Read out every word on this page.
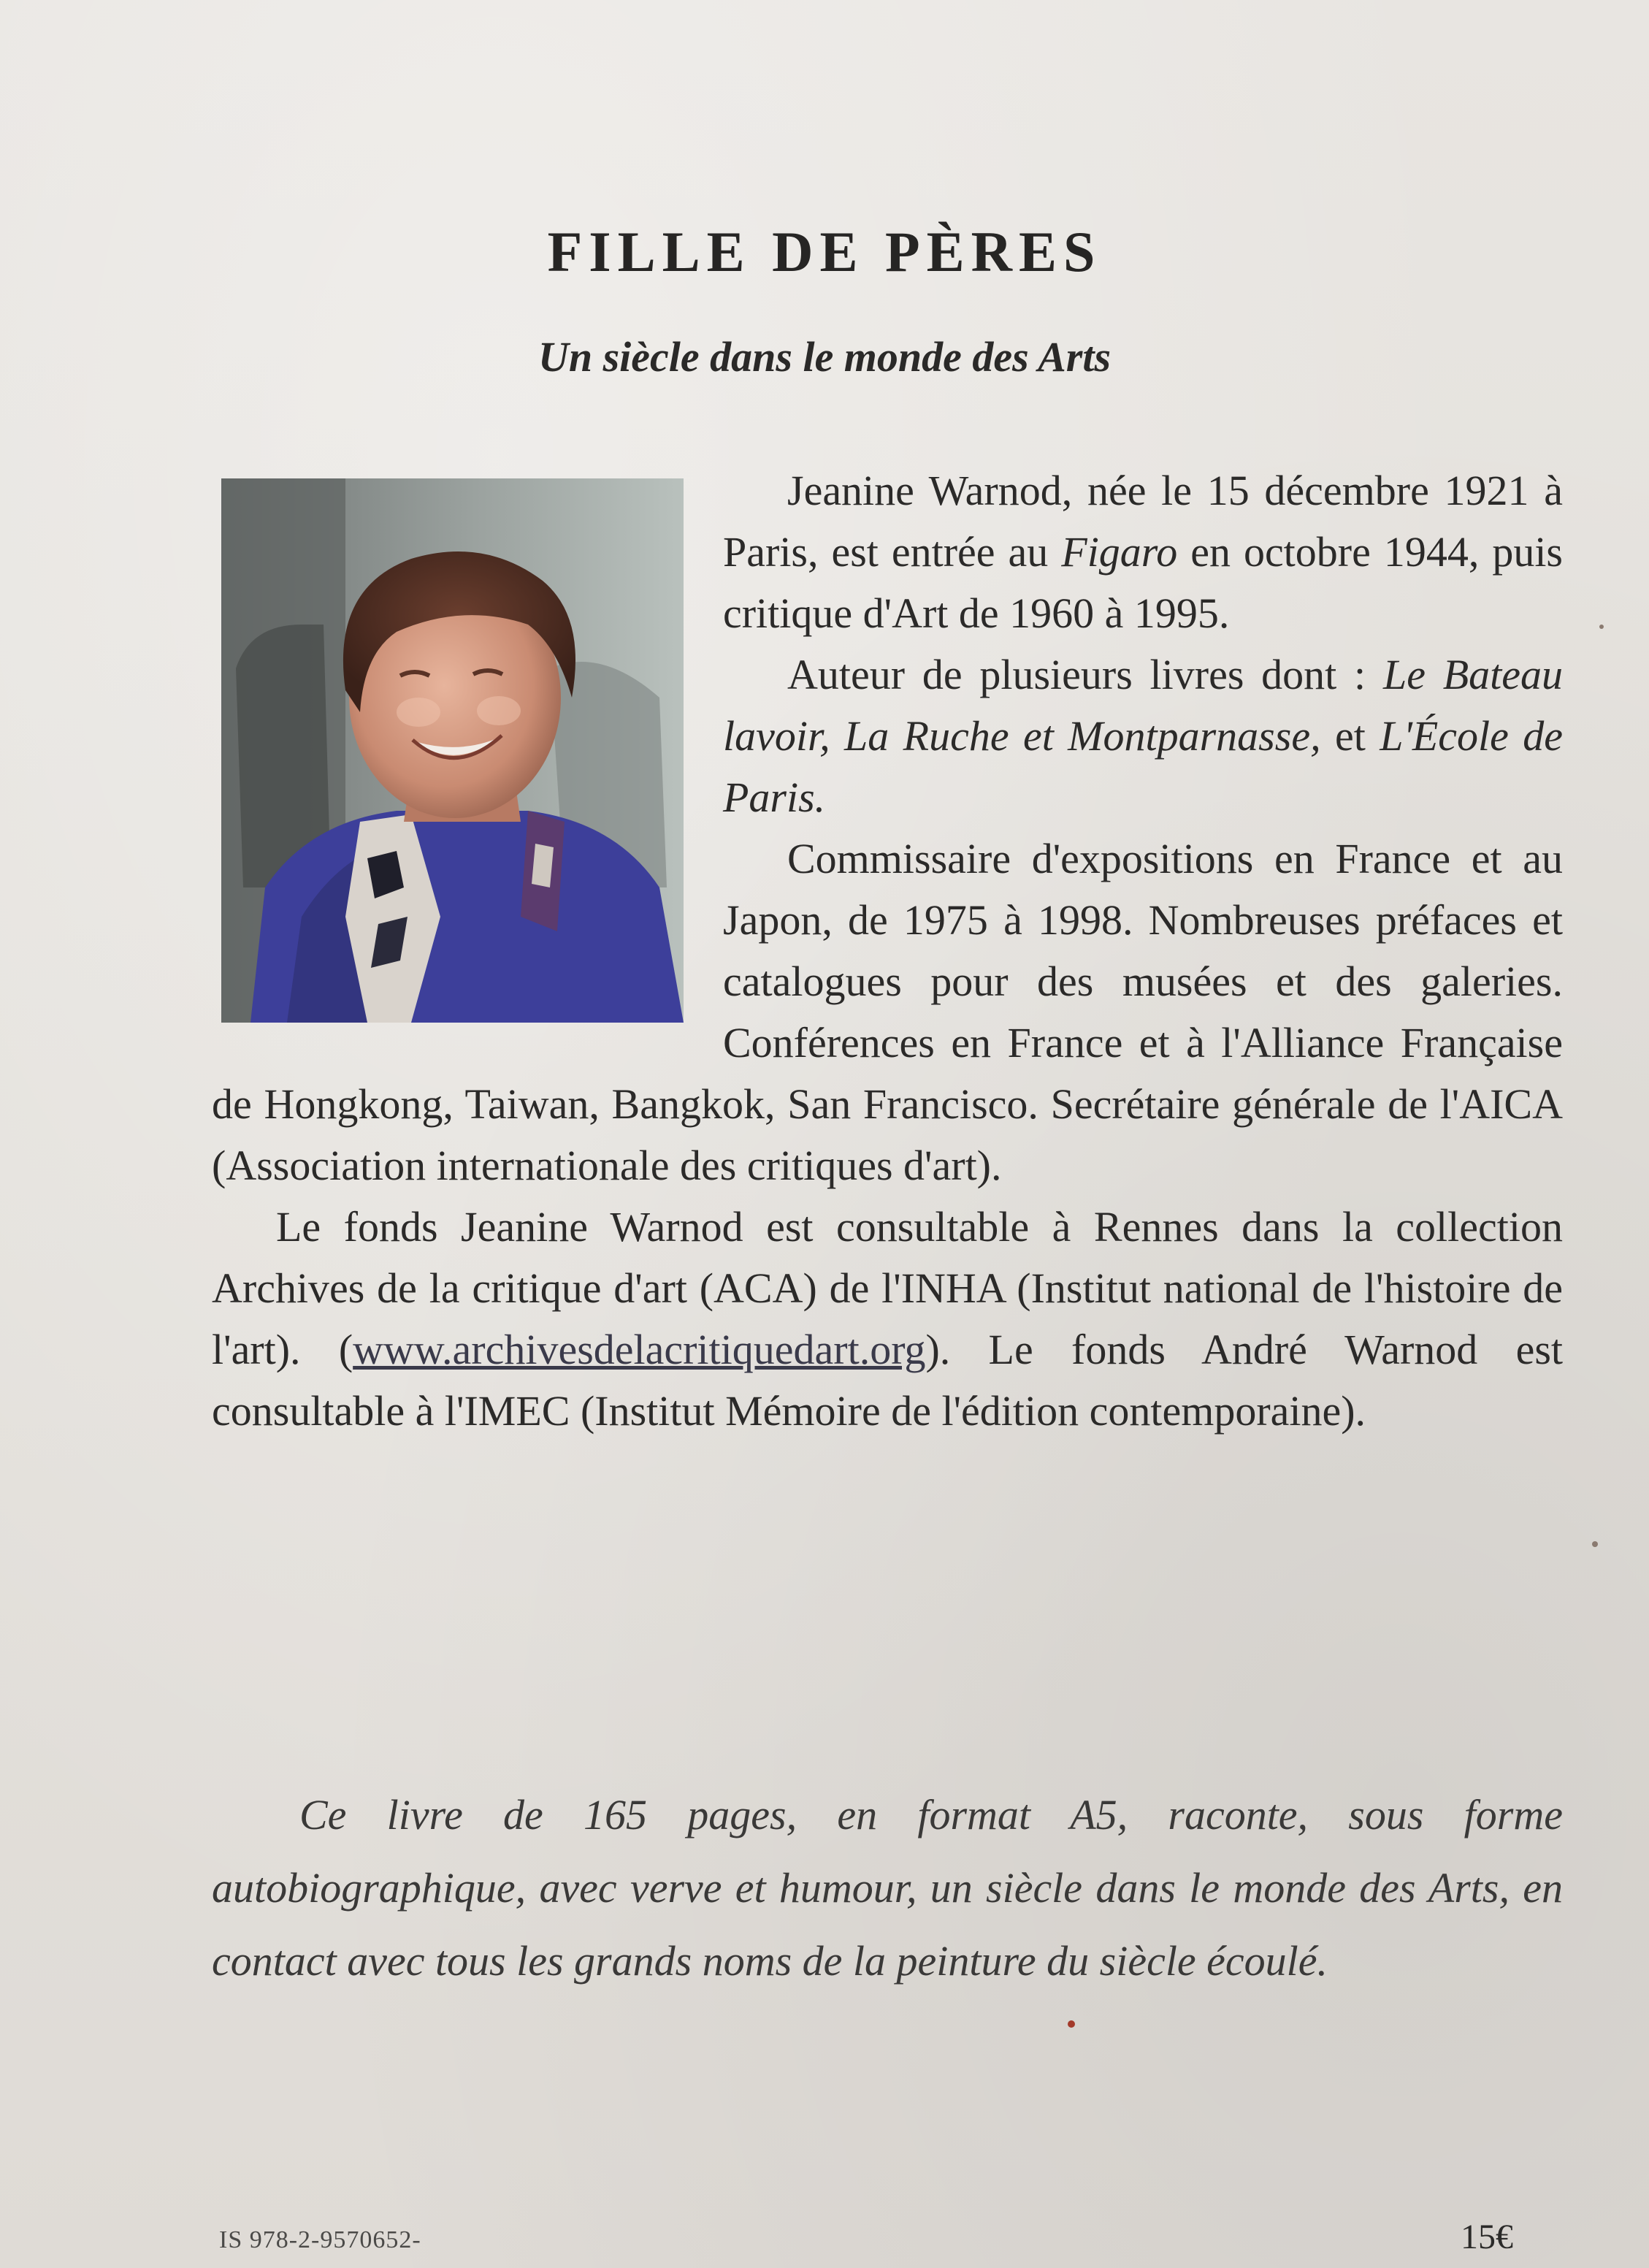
FILLE DE PÈRES
Un siècle dans le monde des Arts

Jeanine Warnod, née le 15 décembre 1921 à Paris, est entrée au Figaro en octobre 1944, puis critique d'Art de 1960 à 1995.

Auteur de plusieurs livres dont : Le Bateau lavoir, La Ruche et Montparnasse, et L'École de Paris.

Commissaire d'expositions en France et au Japon, de 1975 à 1998. Nombreuses préfaces et catalogues pour des musées et des galeries. Conférences en France et à l'Alliance Française de Hongkong, Taiwan, Bangkok, San Francisco. Secrétaire générale de l'AICA (Association internationale des critiques d'art).

Le fonds Jeanine Warnod est consultable à Rennes dans la collection Archives de la critique d'art (ACA) de l'INHA (Institut national de l'histoire de l'art). (www.archivesdelacritiquedart.org). Le fonds André Warnod est consultable à l'IMEC (Institut Mémoire de l'édition contemporaine).

Ce livre de 165 pages, en format A5, raconte, sous forme autobiographique, avec verve et humour, un siècle dans le monde des Arts, en contact avec tous les grands noms de la peinture du siècle écoulé.
IS 978-2-9570652-	15€
